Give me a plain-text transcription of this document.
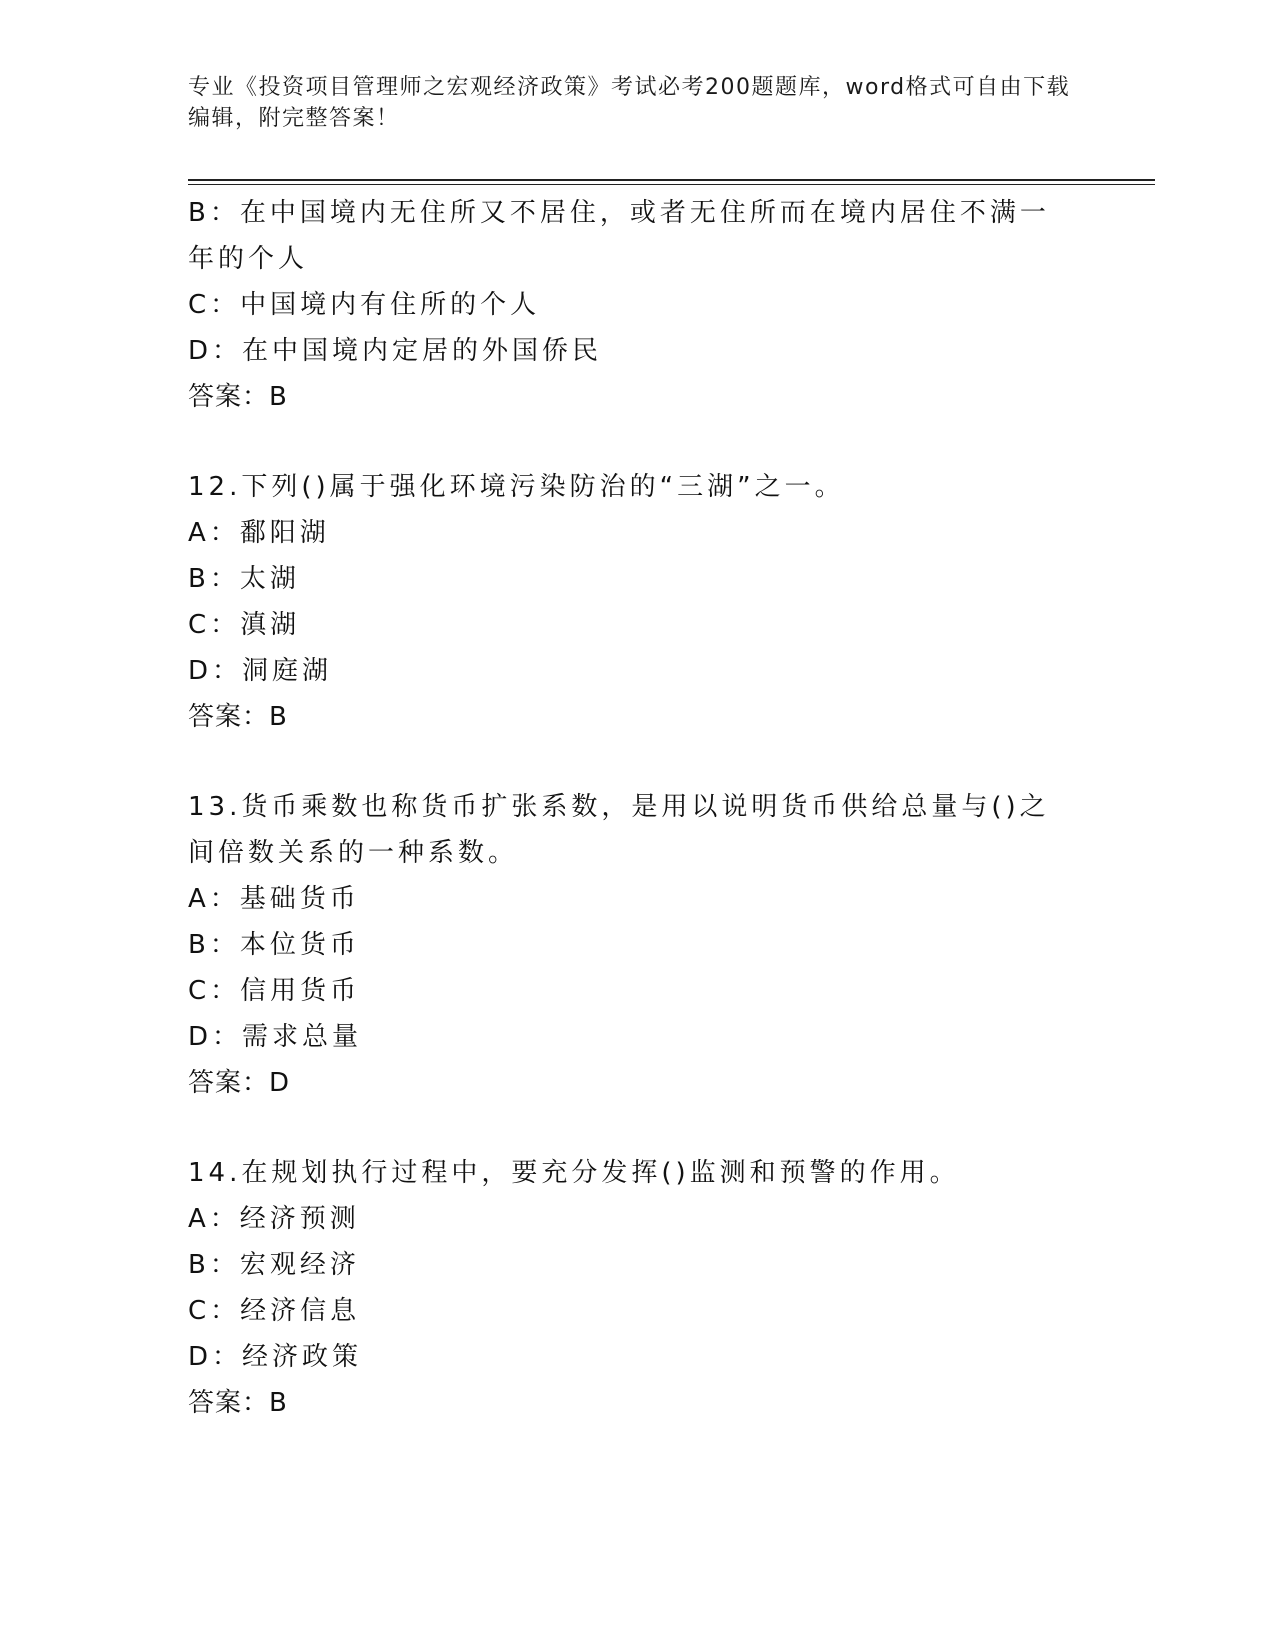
专业《投资项目管理师之宏观经济政策》考试必考200题题库，word格式可自由下载编辑，附完整答案！
B：在中国境内无住所又不居住，或者无住所而在境内居住不满一年的个人
C：中国境内有住所的个人
D：在中国境内定居的外国侨民
答案：B
12.下列()属于强化环境污染防治的“三湖”之一。
A：鄱阳湖
B：太湖
C：滇湖
D：洞庭湖
答案：B
13.货币乘数也称货币扩张系数，是用以说明货币供给总量与()之间倍数关系的一种系数。
A：基础货币
B：本位货币
C：信用货币
D：需求总量
答案：D
14.在规划执行过程中，要充分发挥()监测和预警的作用。
A：经济预测
B：宏观经济
C：经济信息
D：经济政策
答案：B
